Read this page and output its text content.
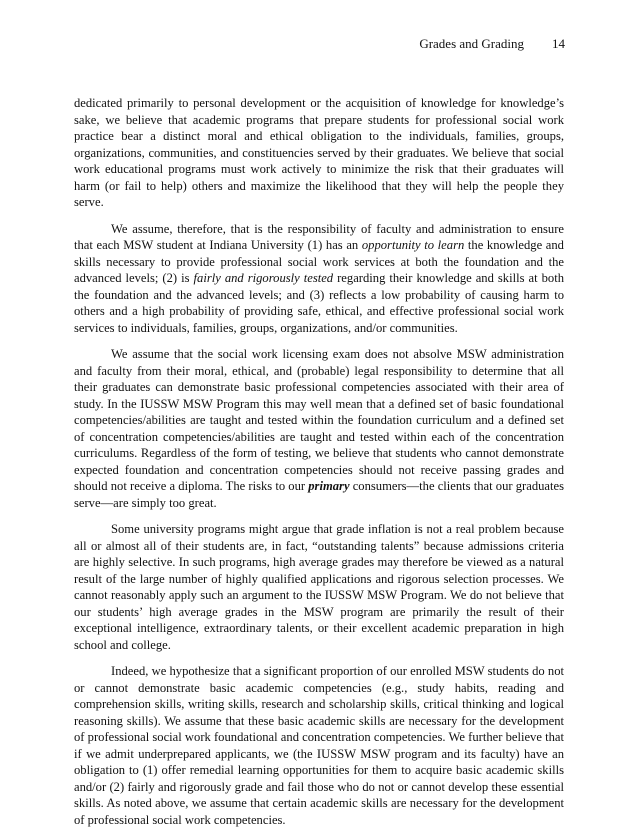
Grades and Grading 14

dedicated primarily to personal development or the acquisition of knowledge for knowledge’s sake, we believe that academic programs that prepare students for professional social work practice bear a distinct moral and ethical obligation to the individuals, families, groups, organizations, communities, and constituencies served by their graduates. We believe that social work educational programs must work actively to minimize the risk that their graduates will harm (or fail to help) others and maximize the likelihood that they will help the people they serve.

We assume, therefore, that is the responsibility of faculty and administration to ensure that each MSW student at Indiana University (1) has an opportunity to learn the knowledge and skills necessary to provide professional social work services at both the foundation and the advanced levels; (2) is fairly and rigorously tested regarding their knowledge and skills at both the foundation and the advanced levels; and (3) reflects a low probability of causing harm to others and a high probability of providing safe, ethical, and effective professional social work services to individuals, families, groups, organizations, and/or communities.

We assume that the social work licensing exam does not absolve MSW administration and faculty from their moral, ethical, and (probable) legal responsibility to determine that all their graduates can demonstrate basic professional competencies associated with their area of study. In the IUSSW MSW Program this may well mean that a defined set of basic foundational competencies/abilities are taught and tested within the foundation curriculum and a defined set of concentration competencies/abilities are taught and tested within each of the concentration curriculums. Regardless of the form of testing, we believe that students who cannot demonstrate expected foundation and concentration competencies should not receive passing grades and should not receive a diploma. The risks to our primary consumers—the clients that our graduates serve—are simply too great.

Some university programs might argue that grade inflation is not a real problem because all or almost all of their students are, in fact, “outstanding talents” because admissions criteria are highly selective. In such programs, high average grades may therefore be viewed as a natural result of the large number of highly qualified applications and rigorous selection processes. We cannot reasonably apply such an argument to the IUSSW MSW Program. We do not believe that our students’ high average grades in the MSW program are primarily the result of their exceptional intelligence, extraordinary talents, or their excellent academic preparation in high school and college.

Indeed, we hypothesize that a significant proportion of our enrolled MSW students do not or cannot demonstrate basic academic competencies (e.g., study habits, reading and comprehension skills, writing skills, research and scholarship skills, critical thinking and logical reasoning skills). We assume that these basic academic skills are necessary for the development of professional social work foundational and concentration competencies. We further believe that if we admit underprepared applicants, we (the IUSSW MSW program and its faculty) have an obligation to (1) offer remedial learning opportunities for them to acquire basic academic skills and/or (2) fairly and rigorously grade and fail those who do not or cannot develop these essential skills. As noted above, we assume that certain academic skills are necessary for the development of professional social work competencies.
